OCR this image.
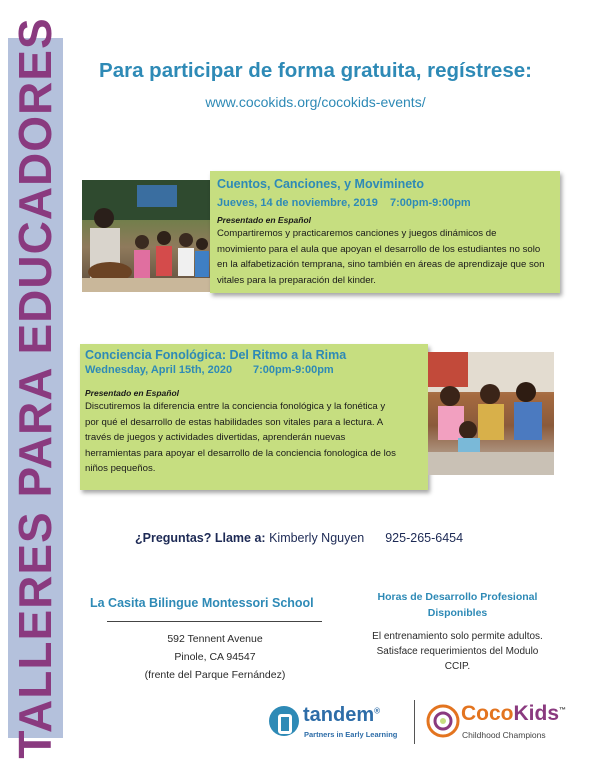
TALLERES PARA EDUCADORES	Para participar de forma gratuita, regístrese:
www.cocokids.org/cocokids-events/
Cuentos, Canciones, y Movimineto
Jueves, 14 de noviembre, 2019 7:00pm-9:00pm
Presentado en Español
Compartiremos y practicaremos canciones y juegos dinámicos de
movimiento para el aula que apoyan el desarrollo de los estudiantes no solo
en la alfabetización temprana, sino también en áreas de aprendizaje que son
vitales para la preparación del kinder.
Conciencia Fonológica: Del Ritmo a la Rima
Wednesday, April 15th, 2020 7:00pm-9:00pm
Presentado en Español
Discutiremos la diferencia entre la conciencia fonológica y la fonética y
por qué el desarrollo de estas habilidades son vitales para a lectura. A
través de juegos y actividades divertidas, aprenderán nuevas
herramientas para apoyar el desarrollo de la conciencia fonologica de los
niños pequeños.
¿Preguntas? Llame a: Kimberly Nguyen 925-265-6454
La Casita Bilingue Montessori School
592 Tennent Avenue
Pinole, CA 94547
(frente del Parque Fernández)
Horas de Desarrollo Profesional
Disponibles
El entrenamiento solo permite adultos.
Satisface requerimientos del Modulo
CCIP.
tandem®
Partners in Early Learning
CocoKids™
Childhood Champions
